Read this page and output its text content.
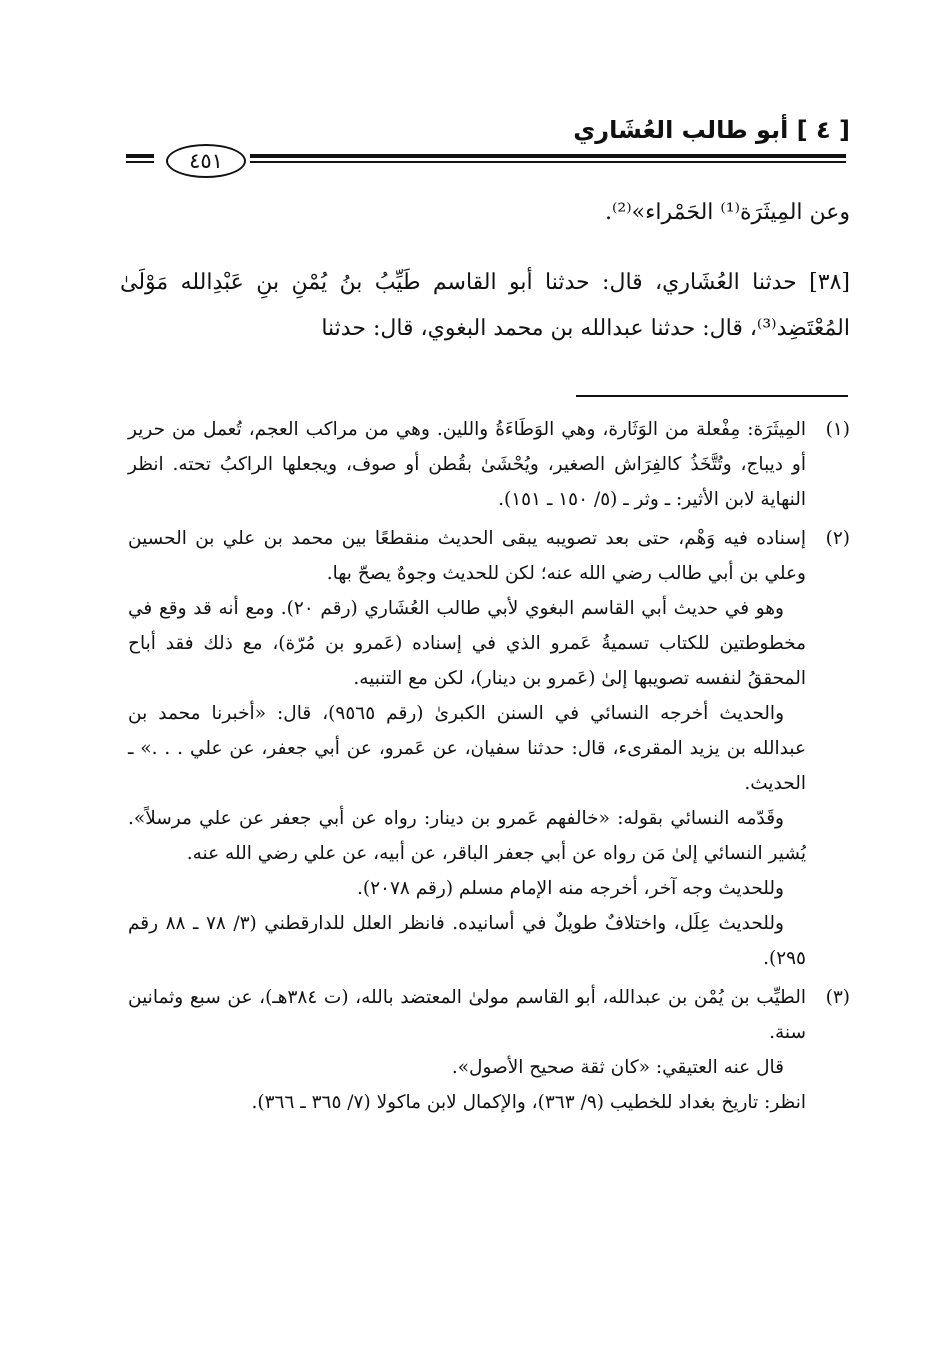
[ ٤ ] أبو طالب العُشَاري
٤٥١

وعن المِيثَرَة⁽¹⁾ الحَمْراء»⁽²⁾.

[٣٨] حدثنا العُشَاري، قال: حدثنا أبو القاسم طَيِّبُ بنُ يُمْنِ بنِ عَبْدِالله مَوْلَىٰ المُعْتَضِد⁽³⁾، قال: حدثنا عبدالله بن محمد البغوي، قال: حدثنا

(١)

المِيثَرَة: مِفْعلة من الوَثَارة، وهي الوَطَاءَةُ واللين. وهي من مراكب العجم، تُعمل من حرير أو ديباج، وتُتَّخَذُ كالفِرَاش الصغير، ويُحْشَىٰ بقُطن أو صوف، ويجعلها الراكبُ تحته. انظر النهاية لابن الأثير: ـ وثر ـ (٥/ ١٥٠ ـ ١٥١).

(٢)

إسناده فيه وَهْم، حتى بعد تصويبه يبقى الحديث منقطعًا بين محمد بن علي بن الحسين وعلي بن أبي طالب رضي الله عنه؛ لكن للحديث وجوهٌ يصحّ بها.

وهو في حديث أبي القاسم البغوي لأبي طالب العُشَاري (رقم ٢٠). ومع أنه قد وقع في مخطوطتين للكتاب تسميةُ عَمرو الذي في إسناده (عَمرو بن مُرّة)، مع ذلك فقد أباح المحققُ لنفسه تصويبها إلىٰ (عَمرو بن دينار)، لكن مع التنبيه.

والحديث أخرجه النسائي في السنن الكبرىٰ (رقم ٩٥٦٥)، قال: «أخبرنا محمد بن عبدالله بن يزيد المقرىء، قال: حدثنا سفيان، عن عَمرو، عن أبي جعفر، عن علي . . .» ـ الحديث.

وقَدّمه النسائي بقوله: «خالفهم عَمرو بن دينار: رواه عن أبي جعفر عن علي مرسلاً». يُشير النسائي إلىٰ مَن رواه عن أبي جعفر الباقر، عن أبيه، عن علي رضي الله عنه.

وللحديث وجه آخر، أخرجه منه الإمام مسلم (رقم ٢٠٧٨).

وللحديث عِلَل، واختلافٌ طويلٌ في أسانيده. فانظر العلل للدارقطني (٣/ ٧٨ ـ ٨٨ رقم ٢٩٥).

(٣)

الطيِّب بن يُمْن بن عبدالله، أبو القاسم مولىٰ المعتضد بالله، (ت ٣٨٤هـ)، عن سبع وثمانين سنة.

قال عنه العتيقي: «كان ثقة صحيح الأصول».

انظر: تاريخ بغداد للخطيب (٩/ ٣٦٣)، والإكمال لابن ماكولا (٧/ ٣٦٥ ـ ٣٦٦).
